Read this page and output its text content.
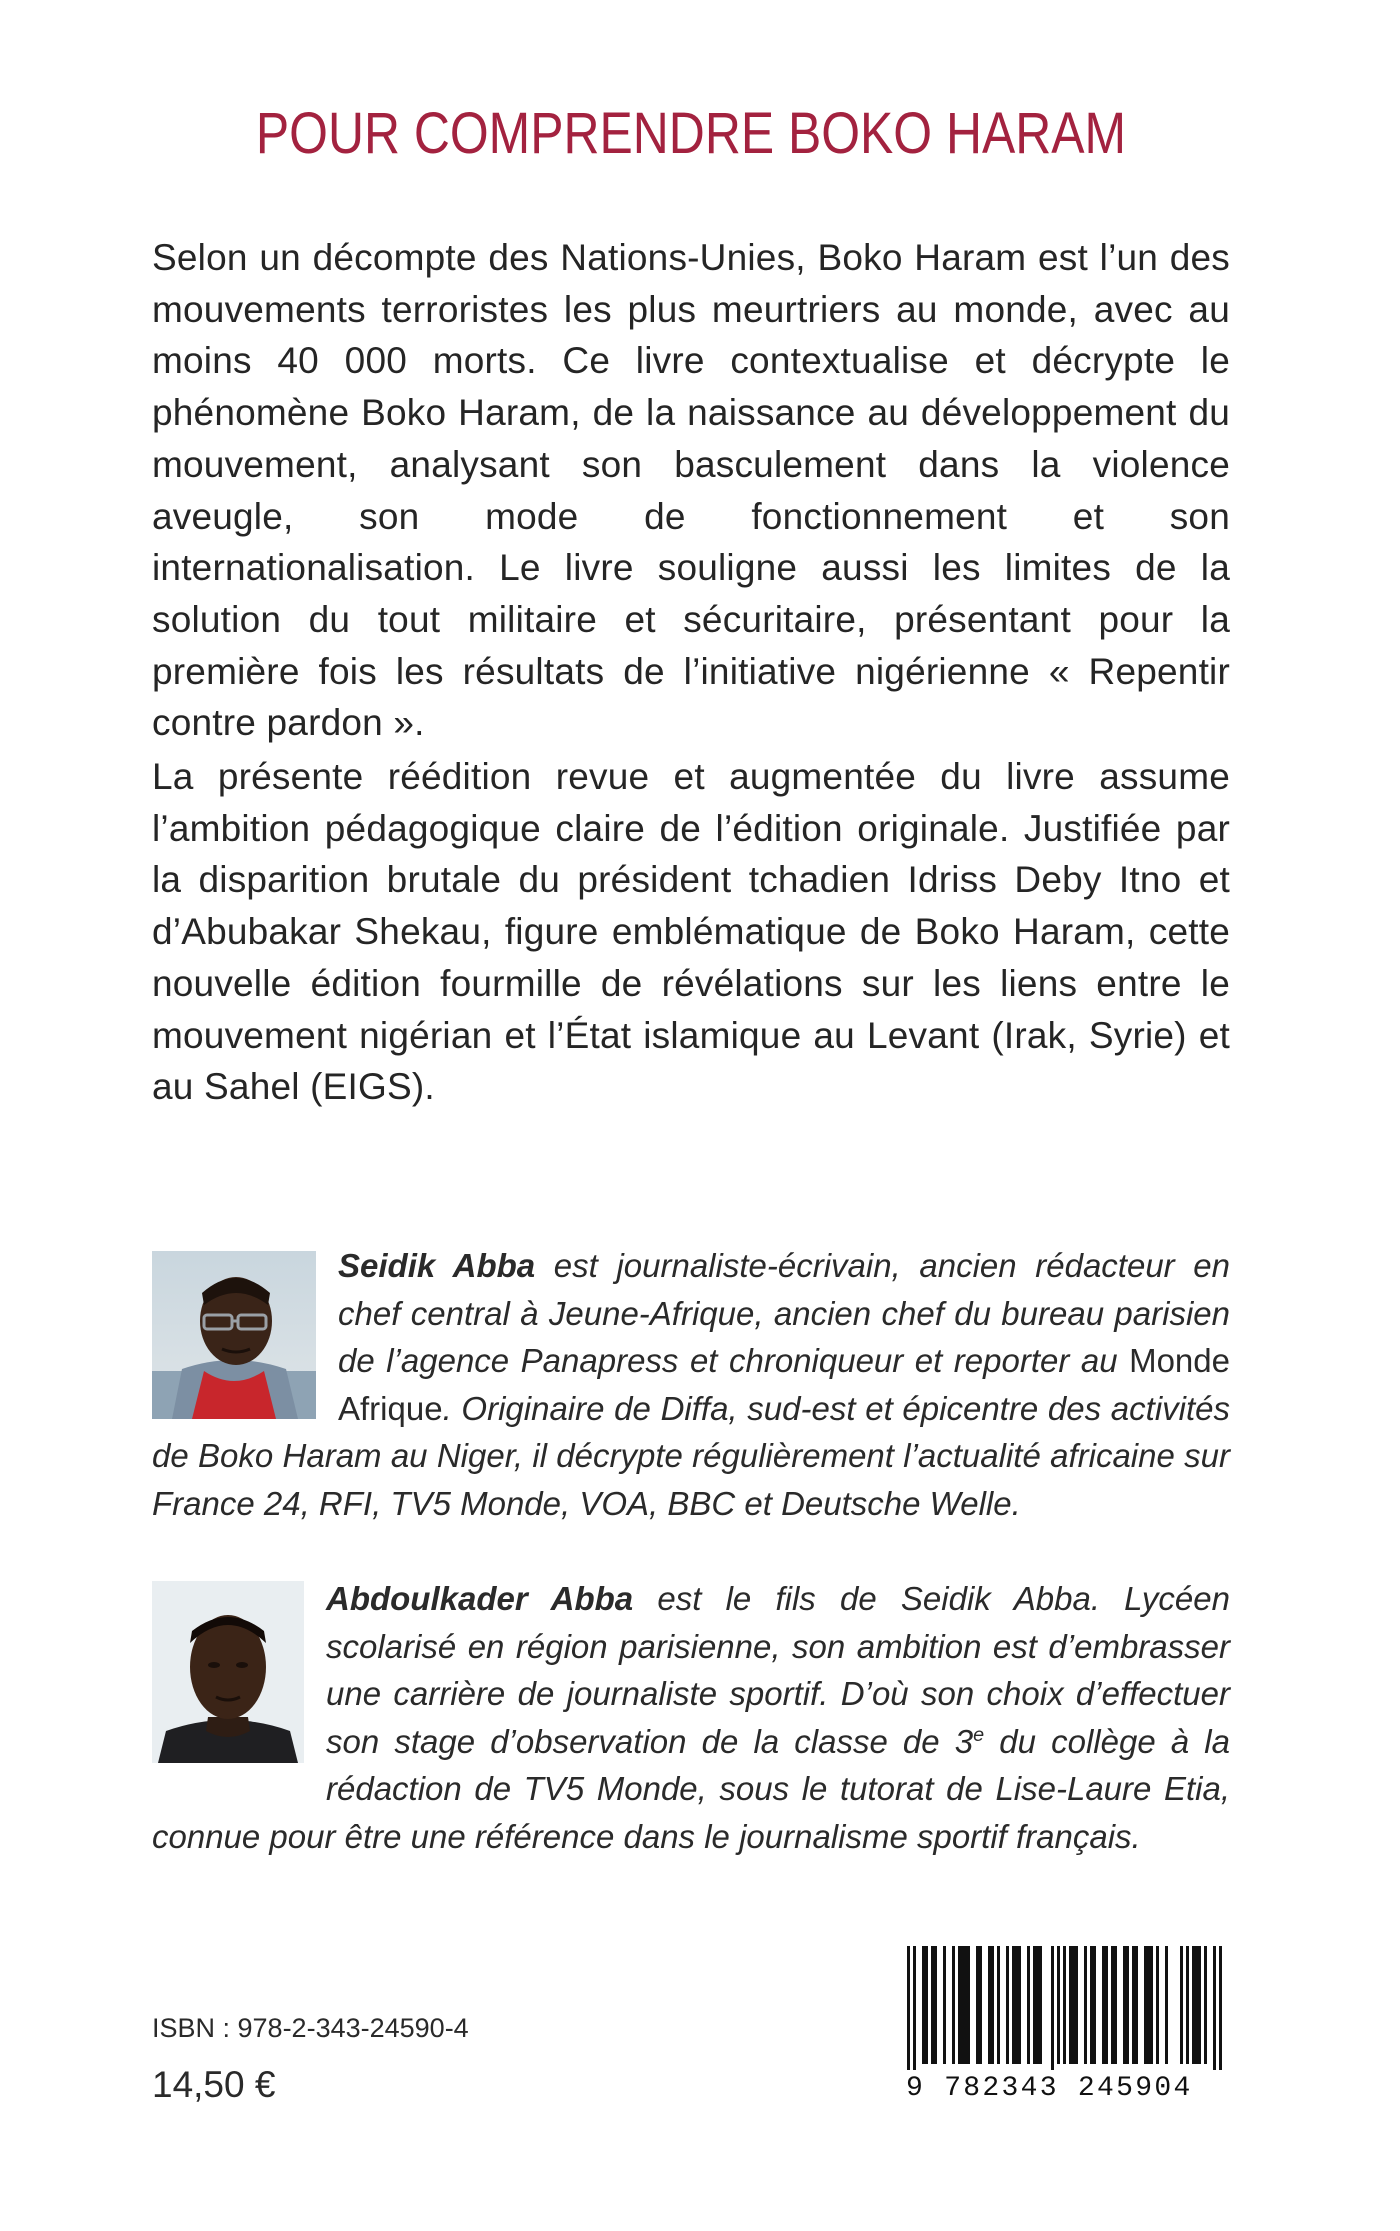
POUR COMPRENDRE BOKO HARAM

Selon un décompte des Nations-Unies, Boko Haram est l’un des mouvements terroristes les plus meurtriers au monde, avec au moins 40 000 morts. Ce livre contextualise et décrypte le phénomène Boko Haram, de la naissance au développement du mouvement, analysant son basculement dans la violence aveugle, son mode de fonctionnement et son internationalisation. Le livre souligne aussi les limites de la solution du tout militaire et sécuritaire, présentant pour la première fois les résultats de l’initiative nigérienne « Repentir contre pardon ».

La présente réédition revue et augmentée du livre assume l’ambition pédagogique claire de l’édition originale. Justifiée par la disparition brutale du président tchadien Idriss Deby Itno et d’Abubakar Shekau, figure emblématique de Boko Haram, cette nouvelle édition fourmille de révélations sur les liens entre le mouvement nigérian et l’État islamique au Levant (Irak, Syrie) et au Sahel (EIGS).

Seidik Abba est journaliste-écrivain, ancien rédacteur en chef central à Jeune-Afrique, ancien chef du bureau parisien de l’agence Panapress et chroniqueur et reporter au Monde Afrique. Originaire de Diffa, sud-est et épicentre des activités de Boko Haram au Niger, il décrypte régulièrement l’actualité africaine sur France 24, RFI, TV5 Monde, VOA, BBC et Deutsche Welle.
Abdoulkader Abba est le fils de Seidik Abba. Lycéen scolarisé en région parisienne, son ambition est d’embrasser une carrière de journaliste sportif. D’où son choix d’effectuer son stage d’observation de la classe de 3e du collège à la rédaction de TV5 Monde, sous le tutorat de Lise-Laure Etia, connue pour être une référence dans le journalisme sportif français.
ISBN : 978-2-343-24590-4
14,50 €	9 782343 245904
